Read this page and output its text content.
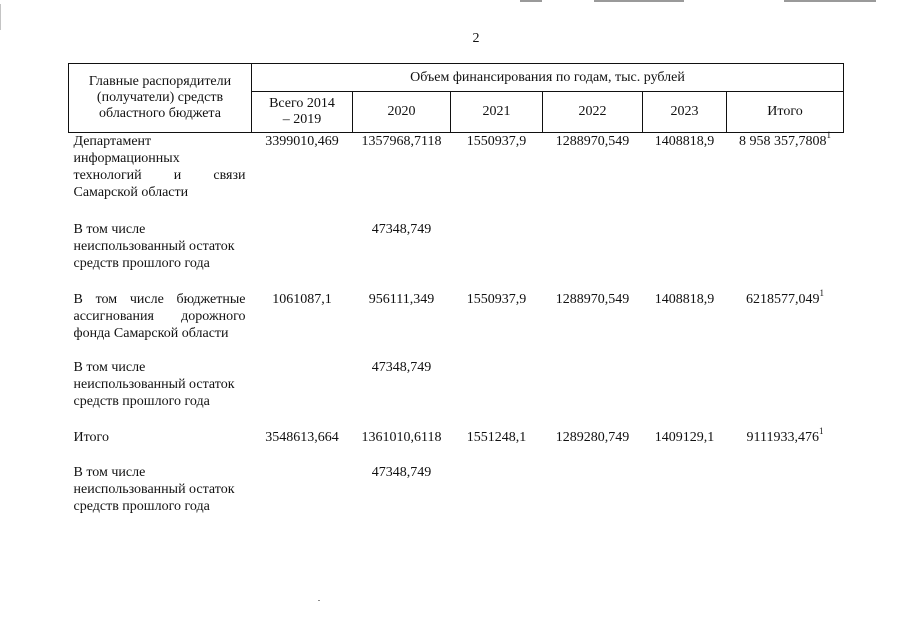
2
Главные распорядители (получатели) средств областного бюджета	Объем финансирования по годам, тыс. рублей					
	Всего 2014 – 2019	2020	2021	2022	2023	Итого
Департамент информационных технологий и связи Самарской области	3399010,469	1357968,7118	1550937,9	1288970,549	1408818,9	8 958 357,7808$^1$
В том числе неиспользованный остаток средств прошлого года		47348,749				
В том числе бюджетные ассигнования дорожного фонда Самарской области	1061087,1	956111,349	1550937,9	1288970,549	1408818,9	6218577,049$^1$
В том числе неиспользованный остаток средств прошлого года		47348,749				
Итого	3548613,664	1361010,6118	1551248,1	1289280,749	1409129,1	9111933,476$^1$
В том числе неиспользованный остаток средств прошлого года		47348,749				
